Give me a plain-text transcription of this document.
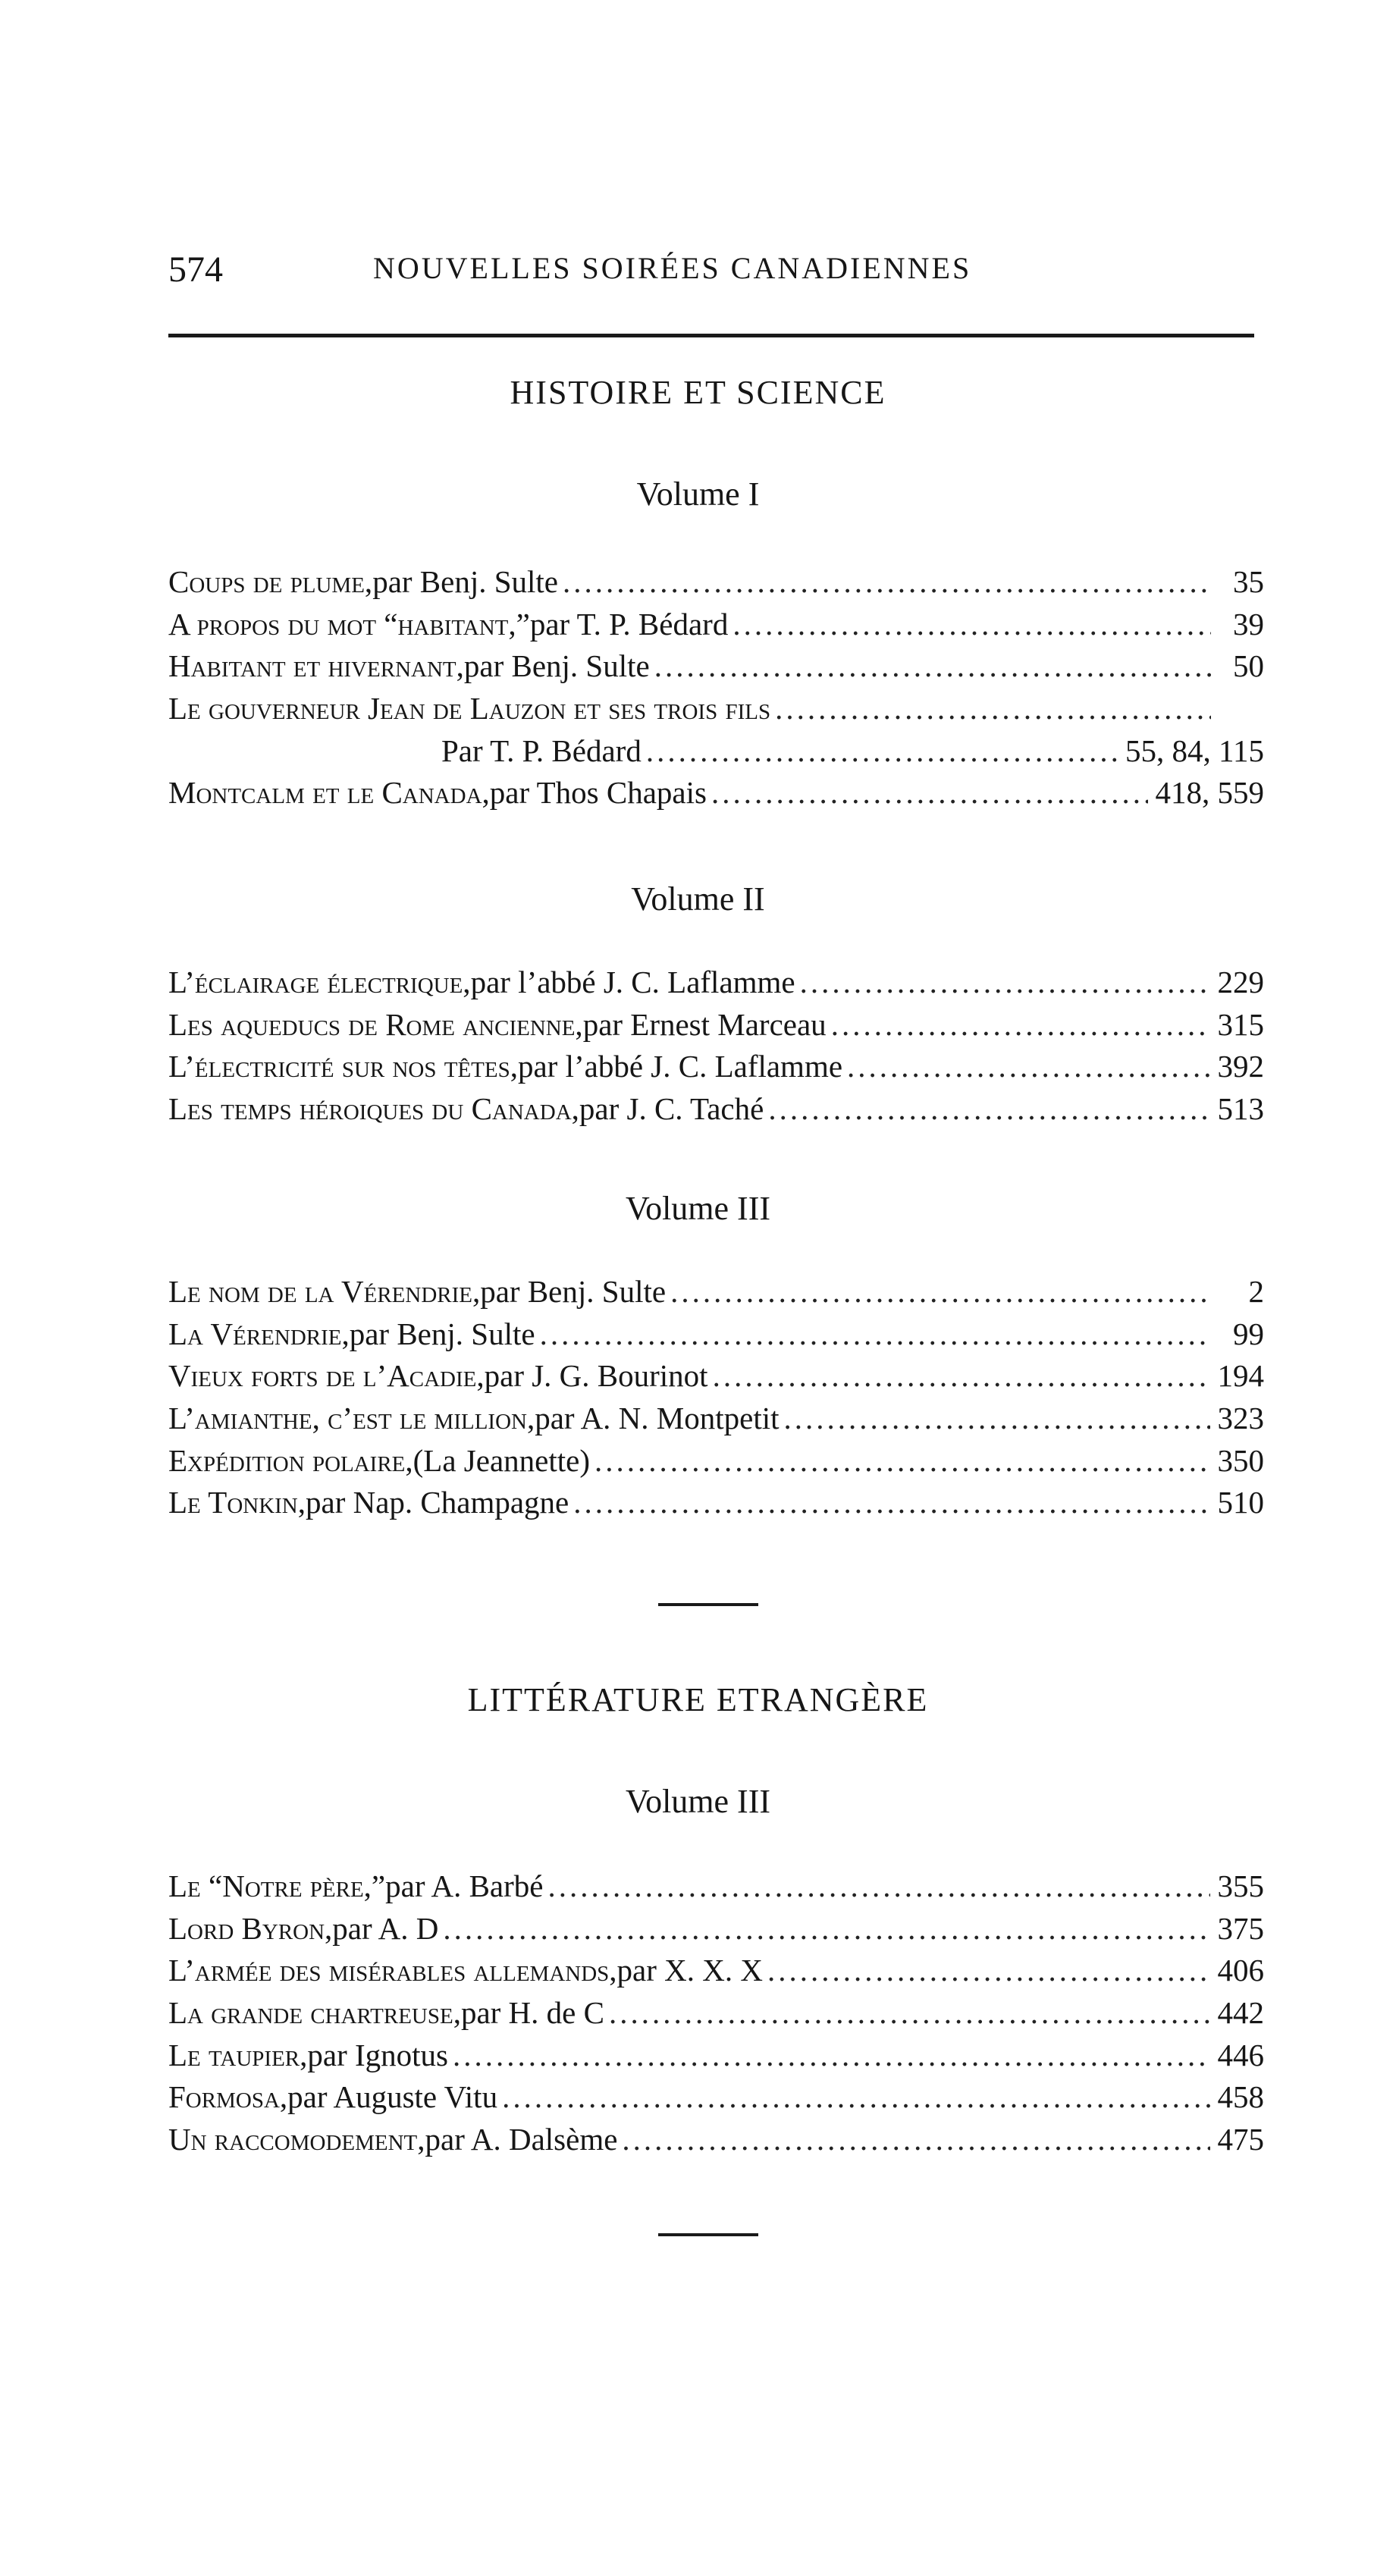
574	NOUVELLES SOIRÉES CANADIENNES
HISTOIRE ET SCIENCE
Volume I
Coups de plume, par Benj. Sulte .....	35
A propos du mot “habitant,” par T. P. Bédard .....	39
Habitant et hivernant, par Benj. Sulte .....	50
Le gouverneur Jean de Lauzon et ses trois fils
.....
Par T. P. Bédard .....	55, 84, 115
Montcalm et le Canada, par Thos Chapais .....	418, 559
Volume II
L’éclairage électrique, par l’abbé J. C. Laflamme .....	229
Les aqueducs de Rome ancienne, par Ernest Marceau .....	315
L’électricité sur nos têtes, par l’abbé J. C. Laflamme .....	392
Les temps héroiques du Canada, par J. C. Taché .....	513
Volume III
Le nom de la Vérendrie, par Benj. Sulte .....	2
La Vérendrie, par Benj. Sulte .....	99
Vieux forts de l’Acadie, par J. G. Bourinot .....	194
L’amianthe, c’est le million, par A. N. Montpetit .....	323
Expédition polaire, (La Jeannette) .....	350
Le Tonkin, par Nap. Champagne .....	510
LITTÉRATURE ETRANGÈRE
Volume III
Le “Notre père,” par A. Barbé .....	355
Lord Byron, par A. D .....	375
L’armée des misérables allemands, par X. X. X .....	406
La grande chartreuse, par H. de C .....	442
Le taupier, par Ignotus .....	446
Formosa, par Auguste Vitu .....	458
Un raccomodement, par A. Dalsème .....	475
